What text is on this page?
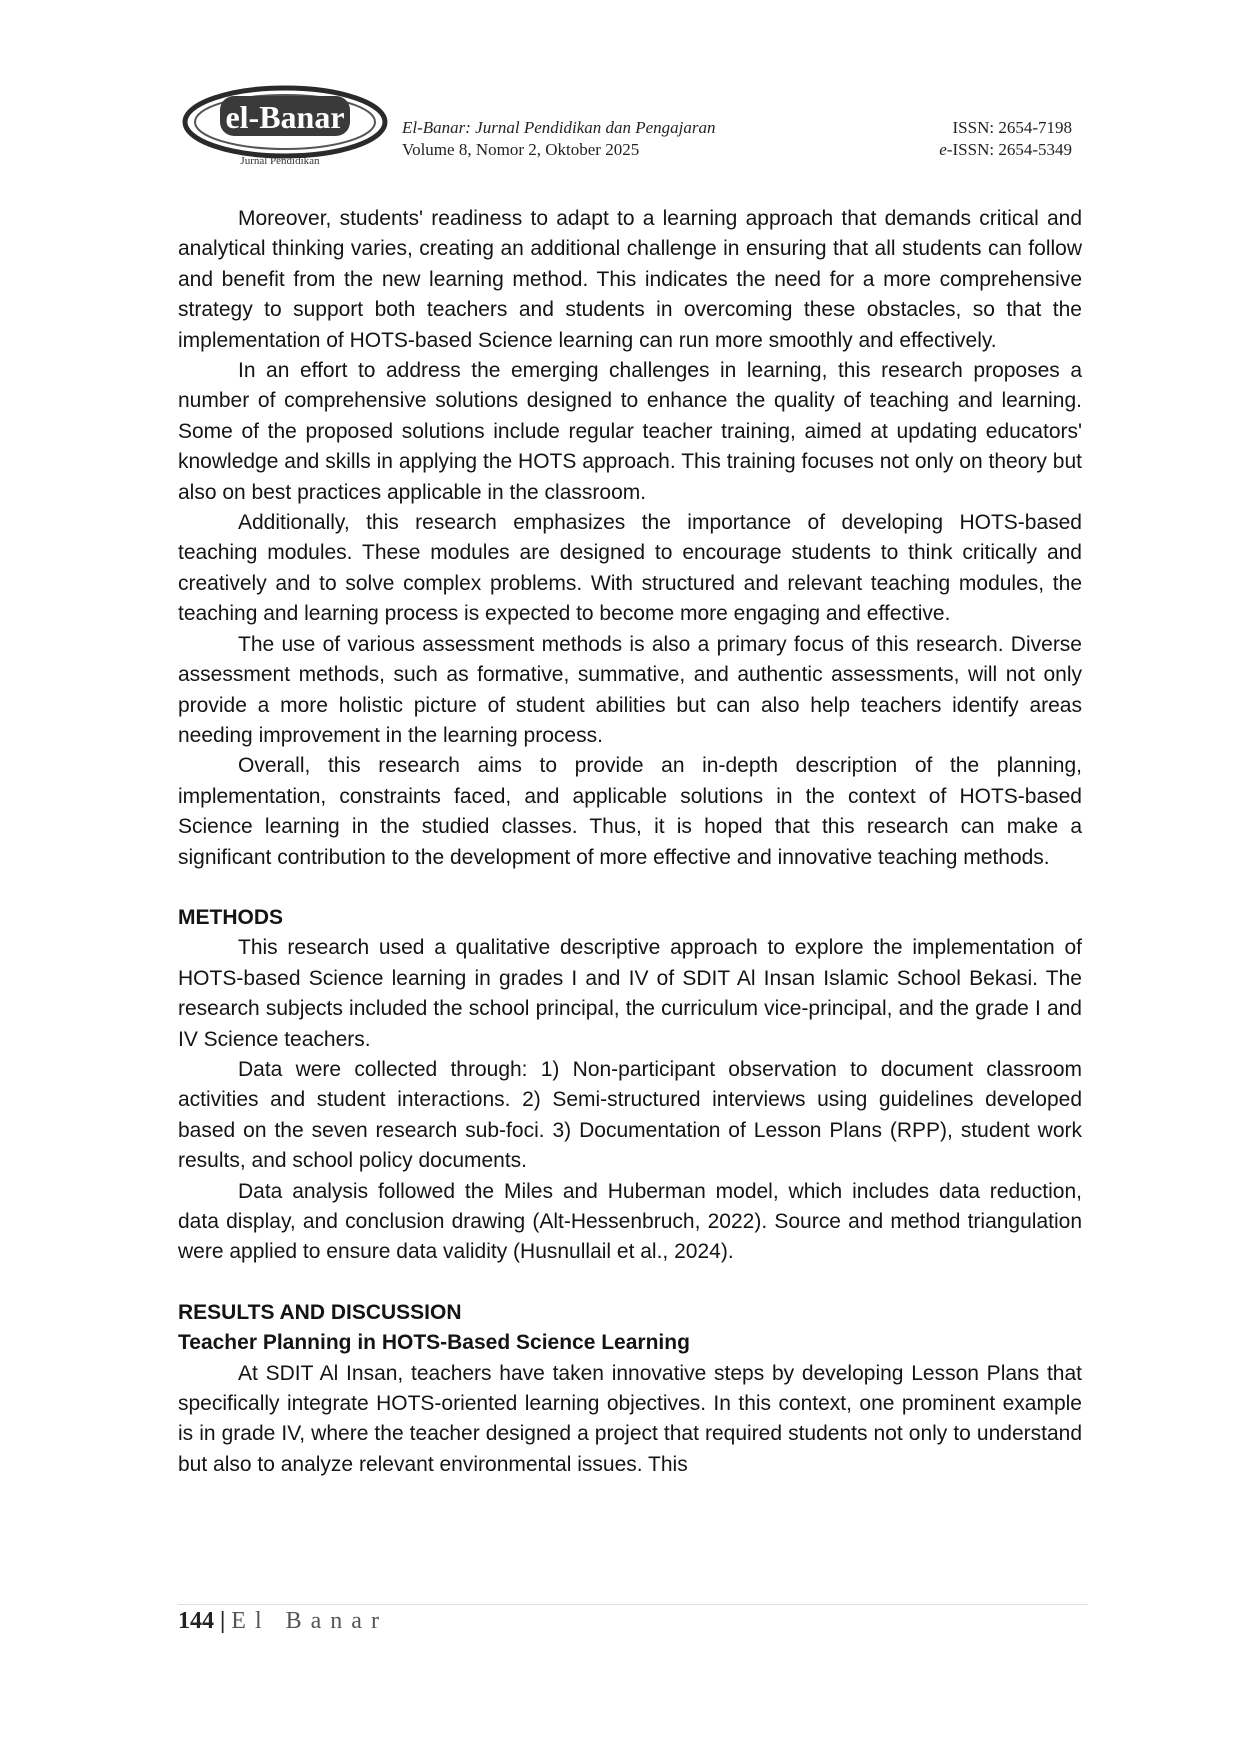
el-Banar
Jurnal Pendidikan
El-Banar: Jurnal Pendidikan dan Pengajaran
Volume 8, Nomor 2, Oktober 2025
ISSN: 2654-7198
e-ISSN: 2654-5349

Moreover, students' readiness to adapt to a learning approach that demands critical and analytical thinking varies, creating an additional challenge in ensuring that all students can follow and benefit from the new learning method. This indicates the need for a more comprehensive strategy to support both teachers and students in overcoming these obstacles, so that the implementation of HOTS-based Science learning can run more smoothly and effectively.

In an effort to address the emerging challenges in learning, this research proposes a number of comprehensive solutions designed to enhance the quality of teaching and learning. Some of the proposed solutions include regular teacher training, aimed at updating educators' knowledge and skills in applying the HOTS approach. This training focuses not only on theory but also on best practices applicable in the classroom.

Additionally, this research emphasizes the importance of developing HOTS-based teaching modules. These modules are designed to encourage students to think critically and creatively and to solve complex problems. With structured and relevant teaching modules, the teaching and learning process is expected to become more engaging and effective.

The use of various assessment methods is also a primary focus of this research. Diverse assessment methods, such as formative, summative, and authentic assessments, will not only provide a more holistic picture of student abilities but can also help teachers identify areas needing improvement in the learning process.

Overall, this research aims to provide an in-depth description of the planning, implementation, constraints faced, and applicable solutions in the context of HOTS-based Science learning in the studied classes. Thus, it is hoped that this research can make a significant contribution to the development of more effective and innovative teaching methods.

METHODS

This research used a qualitative descriptive approach to explore the implementation of HOTS-based Science learning in grades I and IV of SDIT Al Insan Islamic School Bekasi. The research subjects included the school principal, the curriculum vice-principal, and the grade I and IV Science teachers.

Data were collected through: 1) Non-participant observation to document classroom activities and student interactions. 2) Semi-structured interviews using guidelines developed based on the seven research sub-foci. 3) Documentation of Lesson Plans (RPP), student work results, and school policy documents.

Data analysis followed the Miles and Huberman model, which includes data reduction, data display, and conclusion drawing (Alt-Hessenbruch, 2022). Source and method triangulation were applied to ensure data validity (Husnullail et al., 2024).

RESULTS AND DISCUSSION
Teacher Planning in HOTS-Based Science Learning

At SDIT Al Insan, teachers have taken innovative steps by developing Lesson Plans that specifically integrate HOTS-oriented learning objectives. In this context, one prominent example is in grade IV, where the teacher designed a project that required students not only to understand but also to analyze relevant environmental issues. This

144 | El Banar
